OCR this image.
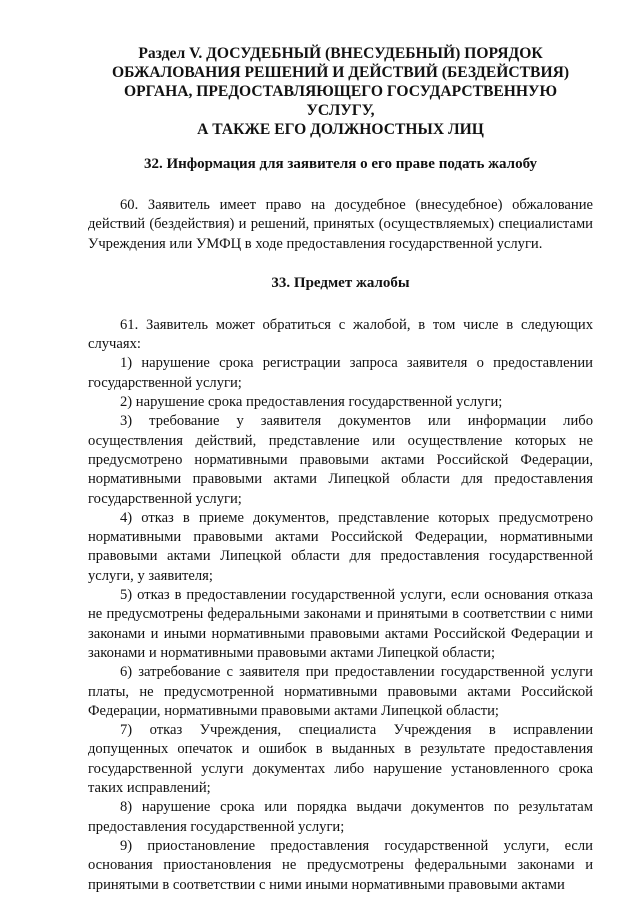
Раздел V. ДОСУДЕБНЫЙ (ВНЕСУДЕБНЫЙ) ПОРЯДОК
ОБЖАЛОВАНИЯ РЕШЕНИЙ И ДЕЙСТВИЙ (БЕЗДЕЙСТВИЯ)
ОРГАНА, ПРЕДОСТАВЛЯЮЩЕГО ГОСУДАРСТВЕННУЮ УСЛУГУ,
А ТАКЖЕ ЕГО ДОЛЖНОСТНЫХ ЛИЦ
32. Информация для заявителя о его праве подать жалобу

60. Заявитель имеет право на досудебное (внесудебное) обжалование действий (бездействия) и решений, принятых (осуществляемых) специалистами Учреждения или УМФЦ в ходе предоставления государственной услуги.

33. Предмет жалобы

61. Заявитель может обратиться с жалобой, в том числе в следующих случаях:

1) нарушение срока регистрации запроса заявителя о предоставлении государственной услуги;

2) нарушение срока предоставления государственной услуги;

3) требование у заявителя документов или информации либо осуществления действий, представление или осуществление которых не предусмотрено нормативными правовыми актами Российской Федерации, нормативными правовыми актами Липецкой области для предоставления государственной услуги;

4) отказ в приеме документов, представление которых предусмотрено нормативными правовыми актами Российской Федерации, нормативными правовыми актами Липецкой области для предоставления государственной услуги, у заявителя;

5) отказ в предоставлении государственной услуги, если основания отказа не предусмотрены федеральными законами и принятыми в соответствии с ними законами и иными нормативными правовыми актами Российской Федерации и законами и нормативными правовыми актами Липецкой области;

6) затребование с заявителя при предоставлении государственной услуги платы, не предусмотренной нормативными правовыми актами Российской Федерации, нормативными правовыми актами Липецкой области;

7) отказ Учреждения, специалиста Учреждения в исправлении допущенных опечаток и ошибок в выданных в результате предоставления государственной услуги документах либо нарушение установленного срока таких исправлений;

8) нарушение срока или порядка выдачи документов по результатам предоставления государственной услуги;

9) приостановление предоставления государственной услуги, если основания приостановления не предусмотрены федеральными законами и принятыми в соответствии с ними иными нормативными правовыми актами
